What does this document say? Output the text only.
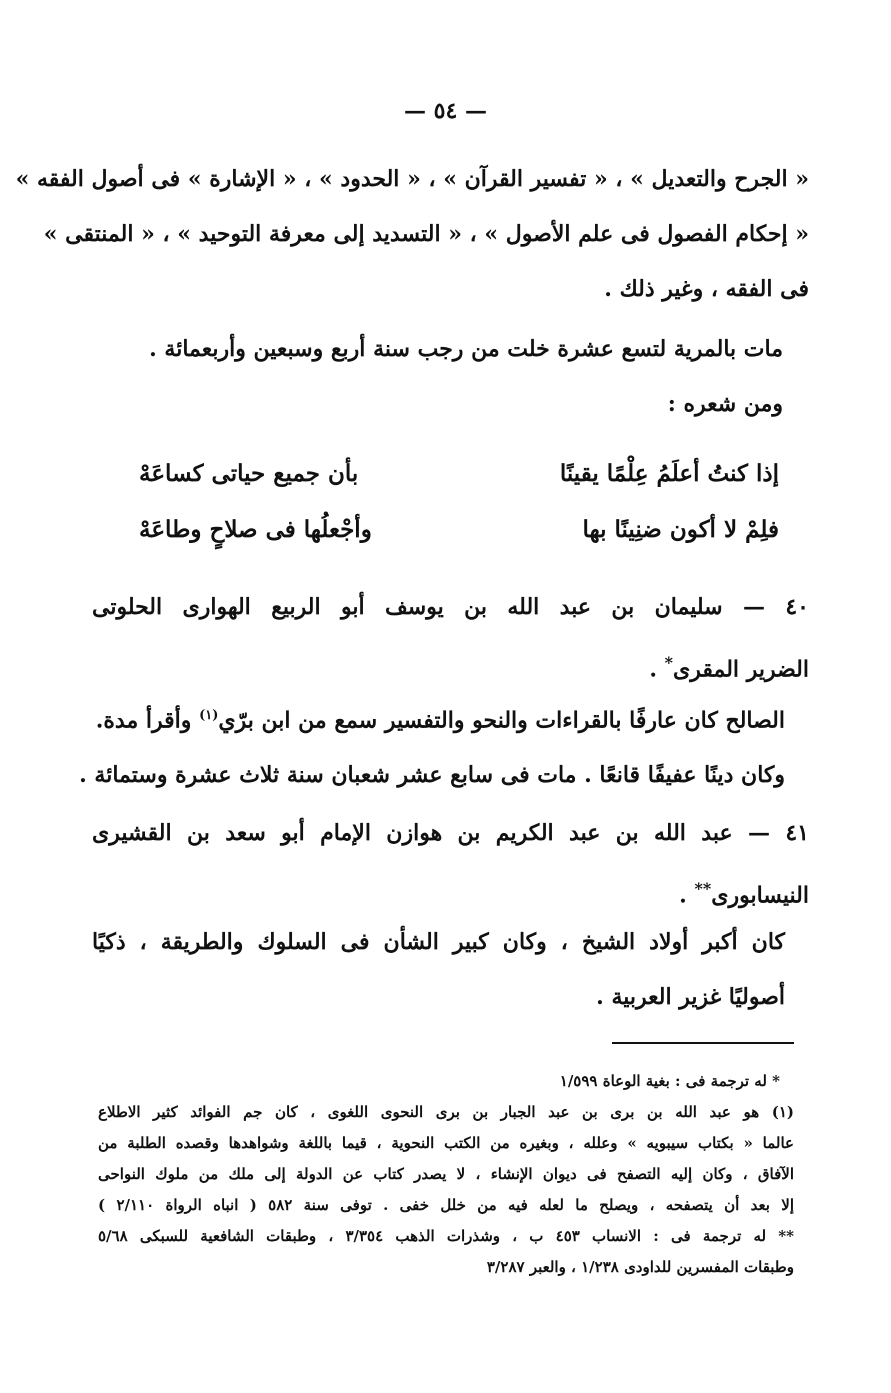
— ٥٤ —
« الجرح والتعديل » ، « تفسير القرآن » ، « الحدود » ، « الإشارة » فى أصول الفقه »
« إحكام الفصول فى علم الأصول » ، « التسديد إلى معرفة التوحيد » ، « المنتقى »
فى الفقه ، وغير ذلك .
مات بالمرية لتسع عشرة خلت من رجب سنة أربع وسبعين وأربعمائة .
ومن شعره :
إذا كنتُ أعلَمُ عِلْمًا يقينًا
بأن جميع حياتى كساعَهْ
فلِمْ لا أكون ضنِينًا بها
وأجْعلُها فى صلاحٍ وطاعَهْ
٤٠ — سليمان بن عبد الله بن يوسف أبو الربيع الهوارى الحلوتى
الضرير المقرى* .
الصالح كان عارفًا بالقراءات والنحو والتفسير سمع من ابن برّي$^{(١)}$ وأقرأ مدة.
وكان دينًا عفيفًا قانعًا . مات فى سابع عشر شعبان سنة ثلاث عشرة وستمائة .
٤١ — عبد الله بن عبد الكريم بن هوازن الإمام أبو سعد بن القشيرى
النيسابورى** .
كان أكبر أولاد الشيخ ، وكان كبير الشأن فى السلوك والطريقة ، ذكيًا
أصوليًا غزير العربية .
* له ترجمة فى : بغية الوعاة ١/٥٩٩
(١) هو عبد الله بن برى بن عبد الجبار بن برى النحوى اللغوى ، كان جم الفوائد كثير الاطلاع
عالما « بكتاب سيبويه » وعلله ، وبغيره من الكتب النحوية ، قيما باللغة وشواهدها وقصده الطلبة من
الآفاق ، وكان إليه التصفح فى ديوان الإنشاء ، لا يصدر كتاب عن الدولة إلى ملك من ملوك النواحى
إلا بعد أن يتصفحه ، ويصلح ما لعله فيه من خلل خفى . توفى سنة ٥٨٢ ( انباه الرواة ٢/١١٠ )
** له ترجمة فى : الانساب ٤٥٣ ب ، وشذرات الذهب ٣/٣٥٤ ، وطبقات الشافعية للسبكى ٥/٦٨
وطبقات المفسرين للداودى ١/٢٣٨ ، والعبر ٣/٢٨٧
